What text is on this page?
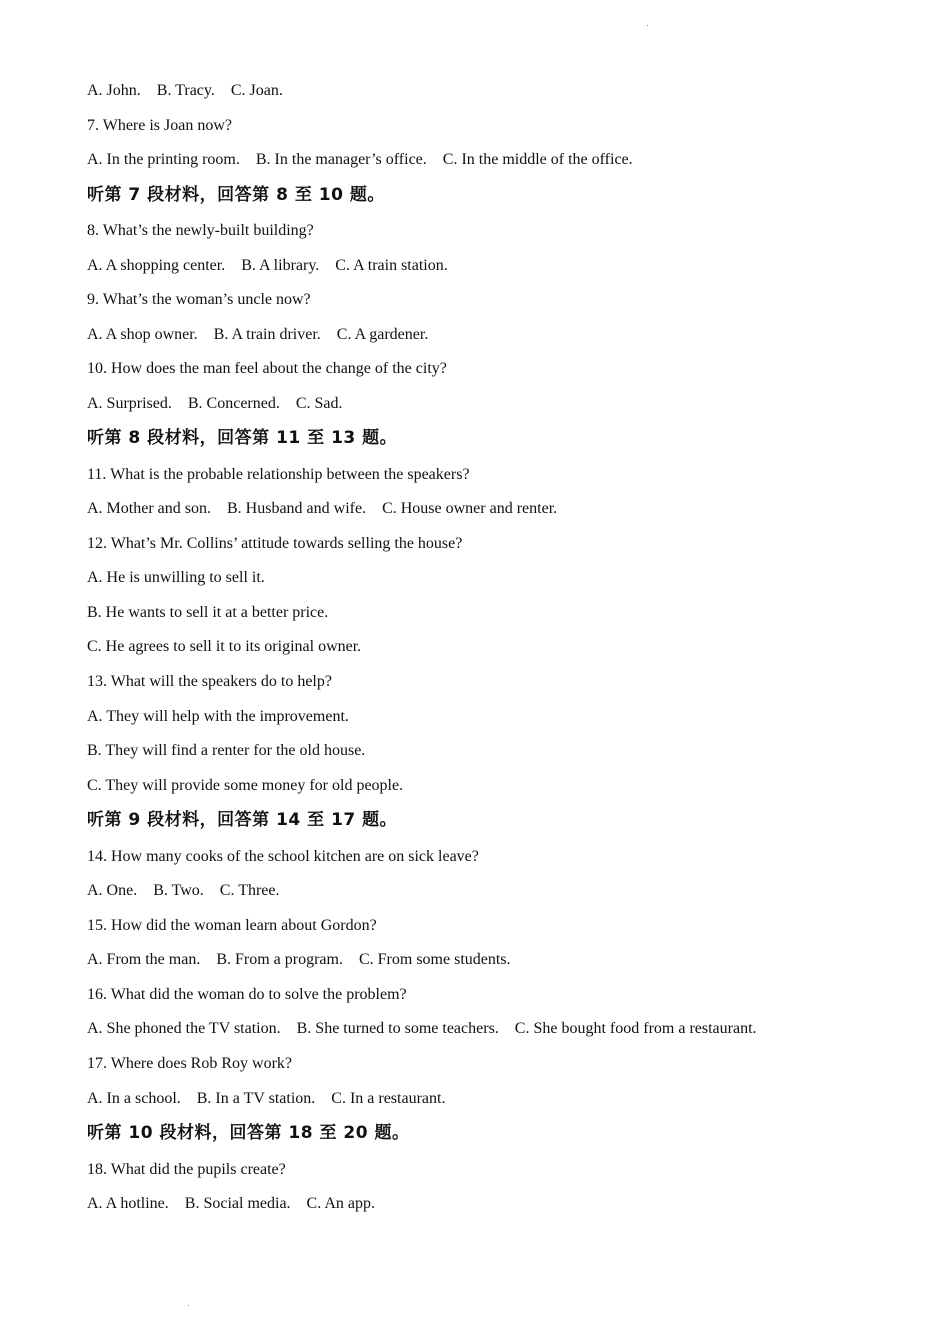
A. John.    B. Tracy.    C. Joan.
7. Where is Joan now?
A. In the printing room.    B. In the manager’s office.    C. In the middle of the office.
听第 7 段材料，回答第 8 至 10 题。
8. What’s the newly-built building?
A. A shopping center.    B. A library.    C. A train station.
9. What’s the woman’s uncle now?
A. A shop owner.    B. A train driver.    C. A gardener.
10. How does the man feel about the change of the city?
A. Surprised.    B. Concerned.    C. Sad.
听第 8 段材料，回答第 11 至 13 题。
11. What is the probable relationship between the speakers?
A. Mother and son.    B. Husband and wife.    C. House owner and renter.
12. What’s Mr. Collins’ attitude towards selling the house?
A. He is unwilling to sell it.
B. He wants to sell it at a better price.
C. He agrees to sell it to its original owner.
13. What will the speakers do to help?
A. They will help with the improvement.
B. They will find a renter for the old house.
C. They will provide some money for old people.
听第 9 段材料，回答第 14 至 17 题。
14. How many cooks of the school kitchen are on sick leave?
A. One.    B. Two.    C. Three.
15. How did the woman learn about Gordon?
A. From the man.    B. From a program.    C. From some students.
16. What did the woman do to solve the problem?
A. She phoned the TV station.    B. She turned to some teachers.    C. She bought food from a restaurant.
17. Where does Rob Roy work?
A. In a school.    B. In a TV station.    C. In a restaurant.
听第 10 段材料，回答第 18 至 20 题。
18. What did the pupils create?
A. A hotline.    B. Social media.    C. An app.
